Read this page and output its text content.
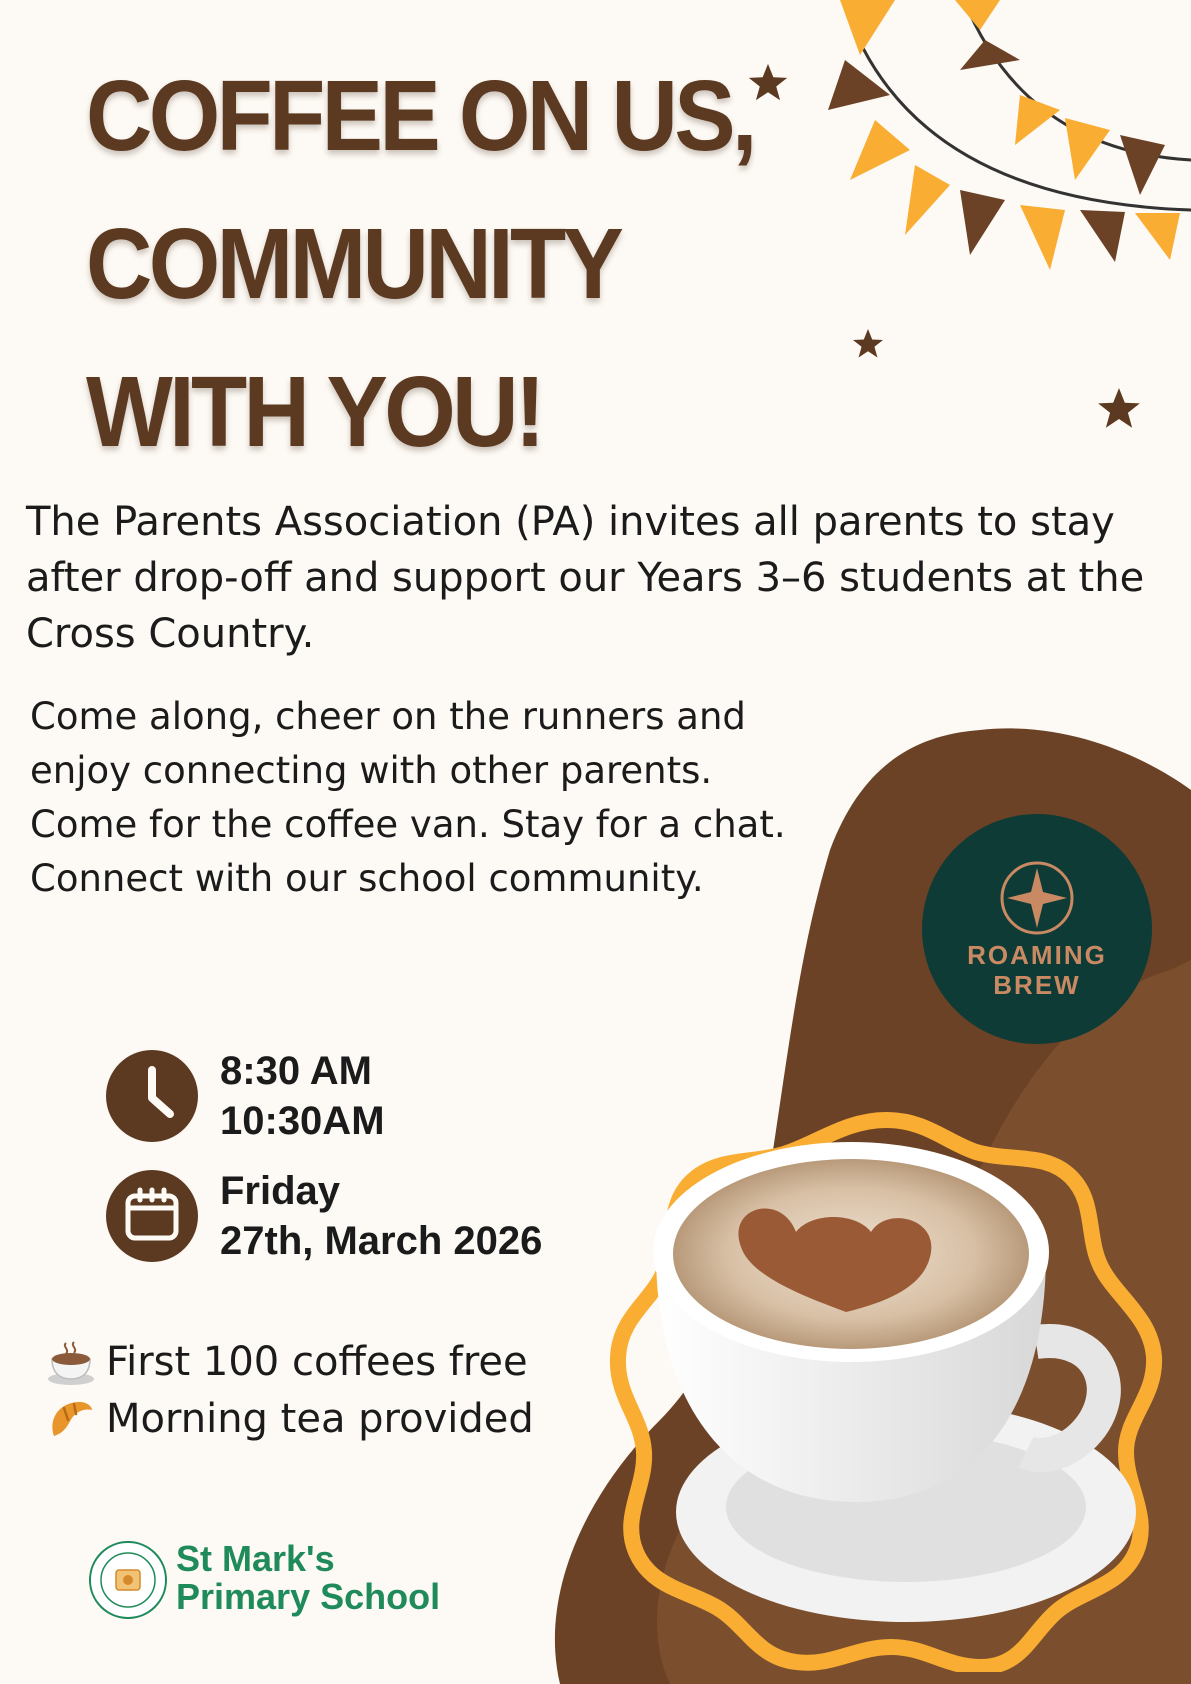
ROAMING
BREW
COFFEE ON US,
COMMUNITY
WITH YOU!

The Parents Association (PA) invites all parents to stay after drop-off and support our Years 3–6 students at the Cross Country.

Come along, cheer on the runners and enjoy connecting with other parents. Come for the coffee van. Stay for a chat. Connect with our school community.

8:30 AM
10:30AM
Friday
27th, March 2026
First 100 coffees free
Morning tea provided
St Mark's
Primary School
